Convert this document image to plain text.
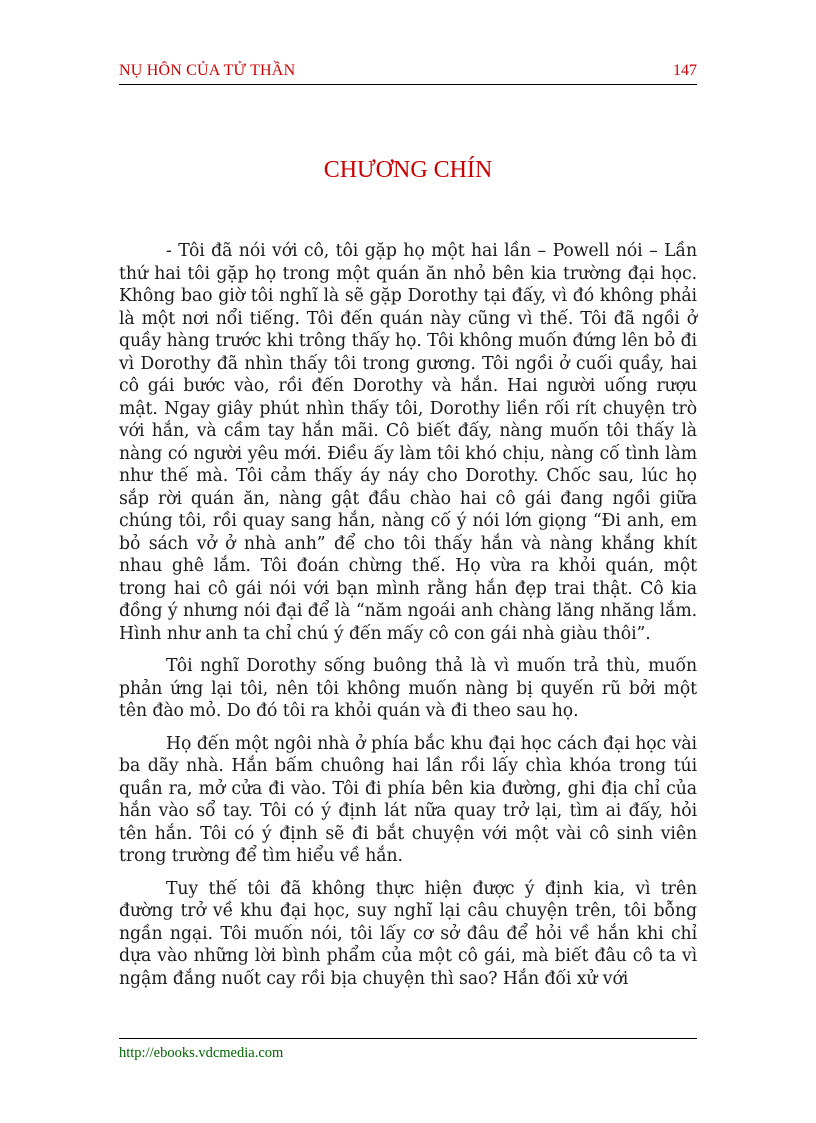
NỤ HÔN CỦA TỬ THẦN	147
CHƯƠNG CHÍN

- Tôi đã nói với cô, tôi gặp họ một hai lần – Powell nói – Lần thứ hai tôi gặp họ trong một quán ăn nhỏ bên kia trường đại học. Không bao giờ tôi nghĩ là sẽ gặp Dorothy tại đấy, vì đó không phải là một nơi nổi tiếng. Tôi đến quán này cũng vì thế. Tôi đã ngồi ở quầy hàng trước khi trông thấy họ. Tôi không muốn đứng lên bỏ đi vì Dorothy đã nhìn thấy tôi trong gương. Tôi ngồi ở cuối quầy, hai cô gái bước vào, rồi đến Dorothy và hắn. Hai người uống rượu mật. Ngay giây phút nhìn thấy tôi, Dorothy liền rối rít chuyện trò với hắn, và cầm tay hắn mãi. Cô biết đấy, nàng muốn tôi thấy là nàng có người yêu mới. Điều ấy làm tôi khó chịu, nàng cố tình làm như thế mà. Tôi cảm thấy áy náy cho Dorothy. Chốc sau, lúc họ sắp rời quán ăn, nàng gật đầu chào hai cô gái đang ngồi giữa chúng tôi, rồi quay sang hắn, nàng cố ý nói lớn giọng “Đi anh, em bỏ sách vở ở nhà anh” để cho tôi thấy hắn và nàng khắng khít nhau ghê lắm. Tôi đoán chừng thế. Họ vừa ra khỏi quán, một trong hai cô gái nói với bạn mình rằng hắn đẹp trai thật. Cô kia đồng ý nhưng nói đại để là “năm ngoái anh chàng lăng nhăng lắm. Hình như anh ta chỉ chú ý đến mấy cô con gái nhà giàu thôi”.

Tôi nghĩ Dorothy sống buông thả là vì muốn trả thù, muốn phản ứng lại tôi, nên tôi không muốn nàng bị quyến rũ bởi một tên đào mỏ. Do đó tôi ra khỏi quán và đi theo sau họ.

Họ đến một ngôi nhà ở phía bắc khu đại học cách đại học vài ba dãy nhà. Hắn bấm chuông hai lần rồi lấy chìa khóa trong túi quần ra, mở cửa đi vào. Tôi đi phía bên kia đường, ghi địa chỉ của hắn vào sổ tay. Tôi có ý định lát nữa quay trở lại, tìm ai đấy, hỏi tên hắn. Tôi có ý định sẽ đi bắt chuyện với một vài cô sinh viên trong trường để tìm hiểu về hắn.

Tuy thế tôi đã không thực hiện được ý định kia, vì trên đường trở về khu đại học, suy nghĩ lại câu chuyện trên, tôi bỗng ngần ngại. Tôi muốn nói, tôi lấy cơ sở đâu để hỏi về hắn khi chỉ dựa vào những lời bình phẩm của một cô gái, mà biết đâu cô ta vì ngậm đắng nuốt cay rồi bịa chuyện thì sao? Hắn đối xử với

http://ebooks.vdcmedia.com
